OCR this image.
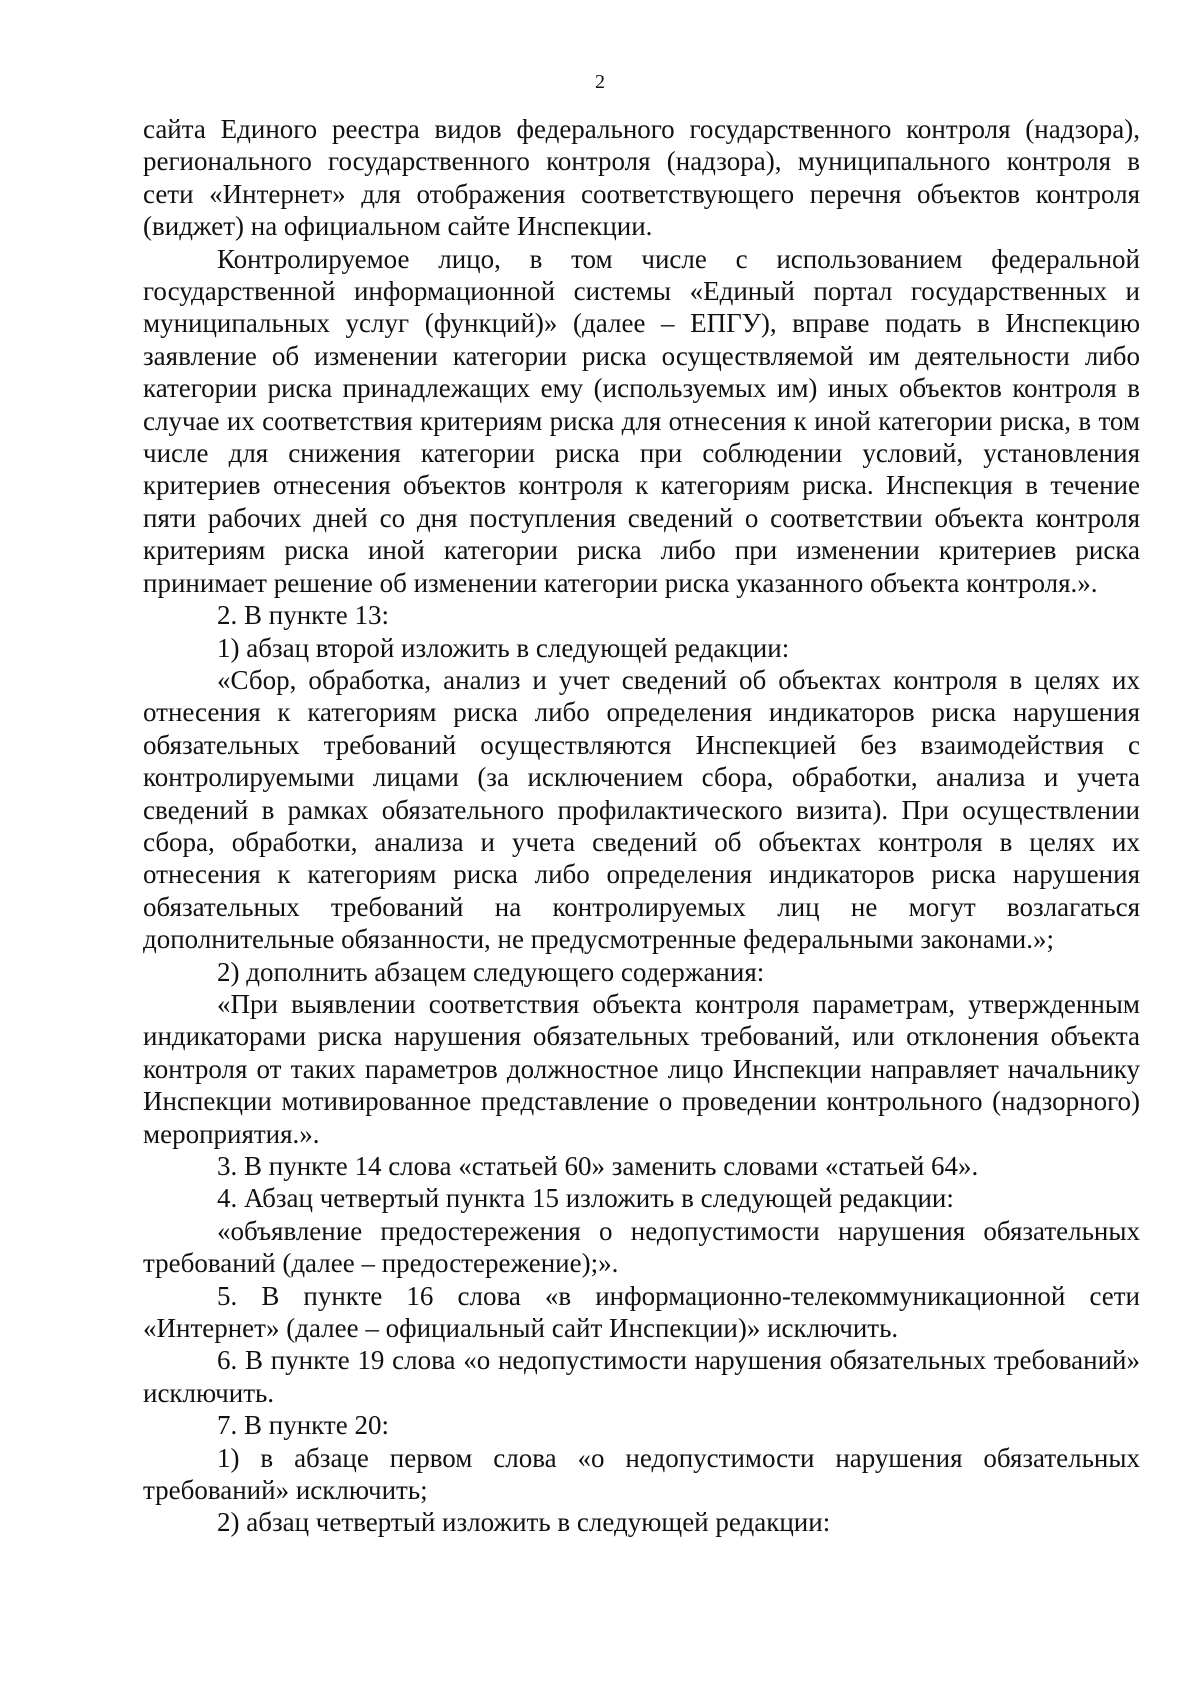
2

сайта Единого реестра видов федерального государственного контроля (надзора), регионального государственного контроля (надзора), муниципального контроля в сети «Интернет» для отображения соответствующего перечня объектов контроля (виджет) на официальном сайте Инспекции.

Контролируемое лицо, в том числе с использованием федеральной государственной информационной системы «Единый портал государственных и муниципальных услуг (функций)» (далее – ЕПГУ), вправе подать в Инспекцию заявление об изменении категории риска осуществляемой им деятельности либо категории риска принадлежащих ему (используемых им) иных объектов контроля в случае их соответствия критериям риска для отнесения к иной категории риска, в том числе для снижения категории риска при соблюдении условий, установления критериев отнесения объектов контроля к категориям риска. Инспекция в течение пяти рабочих дней со дня поступления сведений о соответствии объекта контроля критериям риска иной категории риска либо при изменении критериев риска принимает решение об изменении категории риска указанного объекта контроля.».

2. В пункте 13:

1) абзац второй изложить в следующей редакции:

«Сбор, обработка, анализ и учет сведений об объектах контроля в целях их отнесения к категориям риска либо определения индикаторов риска нарушения обязательных требований осуществляются Инспекцией без взаимодействия с контролируемыми лицами (за исключением сбора, обработки, анализа и учета сведений в рамках обязательного профилактического визита). При осуществлении сбора, обработки, анализа и учета сведений об объектах контроля в целях их отнесения к категориям риска либо определения индикаторов риска нарушения обязательных требований на контролируемых лиц не могут возлагаться дополнительные обязанности, не предусмотренные федеральными законами.»;

2) дополнить абзацем следующего содержания:

«При выявлении соответствия объекта контроля параметрам, утвержденным индикаторами риска нарушения обязательных требований, или отклонения объекта контроля от таких параметров должностное лицо Инспекции направляет начальнику Инспекции мотивированное представление о проведении контрольного (надзорного) мероприятия.».

3. В пункте 14 слова «статьей 60» заменить словами «статьей 64».

4. Абзац четвертый пункта 15 изложить в следующей редакции:

«объявление предостережения о недопустимости нарушения обязательных требований (далее – предостережение);».

5. В пункте 16 слова «в информационно-телекоммуникационной сети «Интернет» (далее – официальный сайт Инспекции)» исключить.

6. В пункте 19 слова «о недопустимости нарушения обязательных требований» исключить.

7. В пункте 20:

1) в абзаце первом слова «о недопустимости нарушения обязательных требований» исключить;

2) абзац четвертый изложить в следующей редакции:
